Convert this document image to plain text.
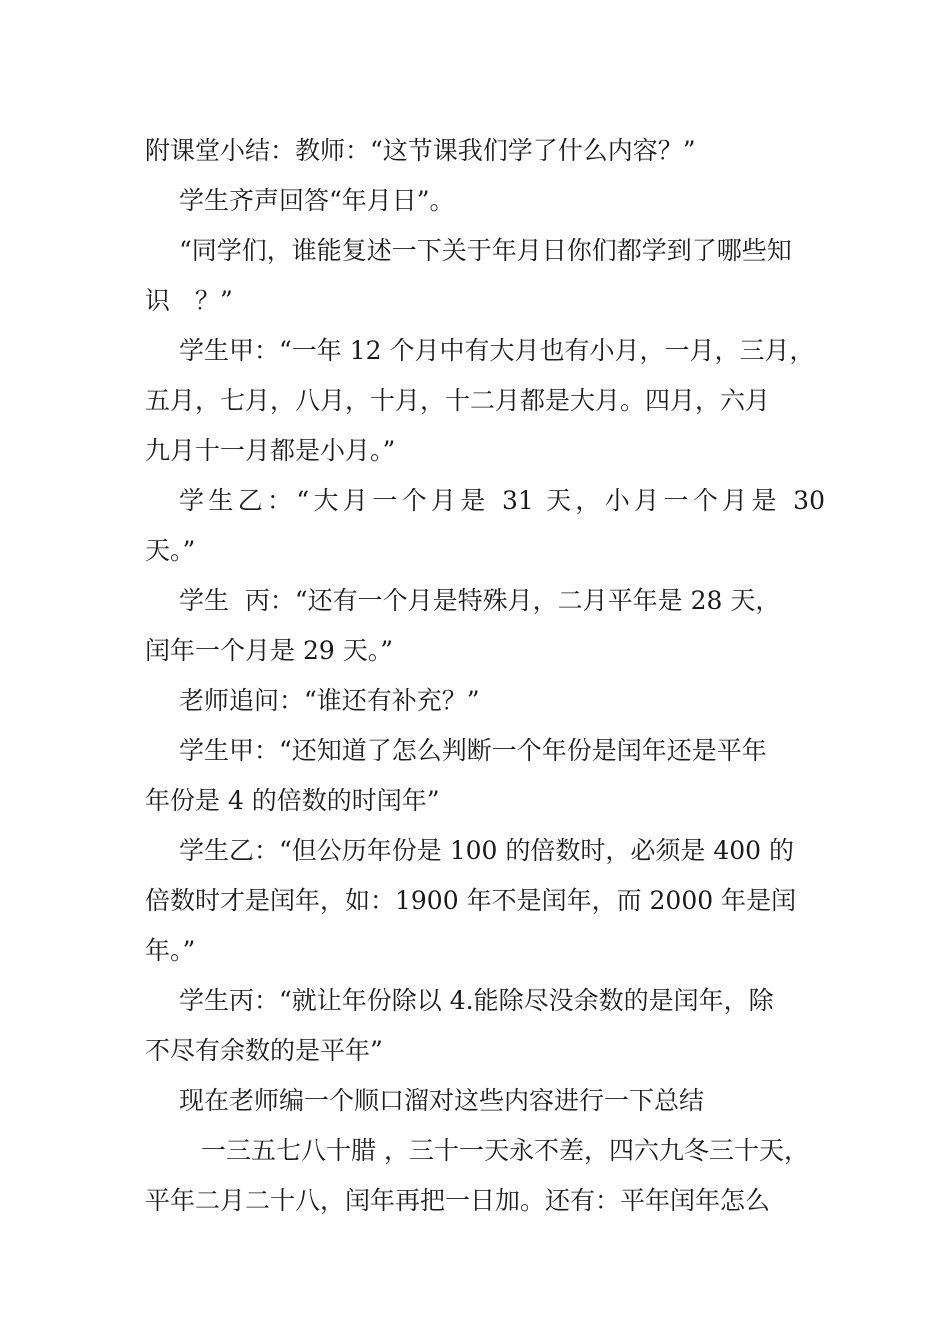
附课堂小结：教师：“这节课我们学了什么内容？”
学生齐声回答“年月日”。
“同学们，谁能复述一下关于年月日你们都学到了哪些知
识　？”
学生甲：“一年 12 个月中有大月也有小月，一月，三月，
五月，七月，八月，十月，十二月都是大月。四月，六月
九月十一月都是小月。”
学生乙：“大月一个月是 31 天，小月一个月是 30
天。”
学生  丙：“还有一个月是特殊月，二月平年是 28 天，
闰年一个月是 29 天。”
老师追问：“谁还有补充？”
学生甲：“还知道了怎么判断一个年份是闰年还是平年
年份是 4 的倍数的时闰年”
学生乙：“但公历年份是 100 的倍数时，必须是 400 的
倍数时才是闰年，如：1900 年不是闰年，而 2000 年是闰
年。”
学生丙：“就让年份除以 4.能除尽没余数的是闰年，除
不尽有余数的是平年”
现在老师编一个顺口溜对这些内容进行一下总结
一三五七八十腊 ，三十一天永不差，四六九冬三十天，
平年二月二十八，闰年再把一日加。还有：平年闰年怎么
